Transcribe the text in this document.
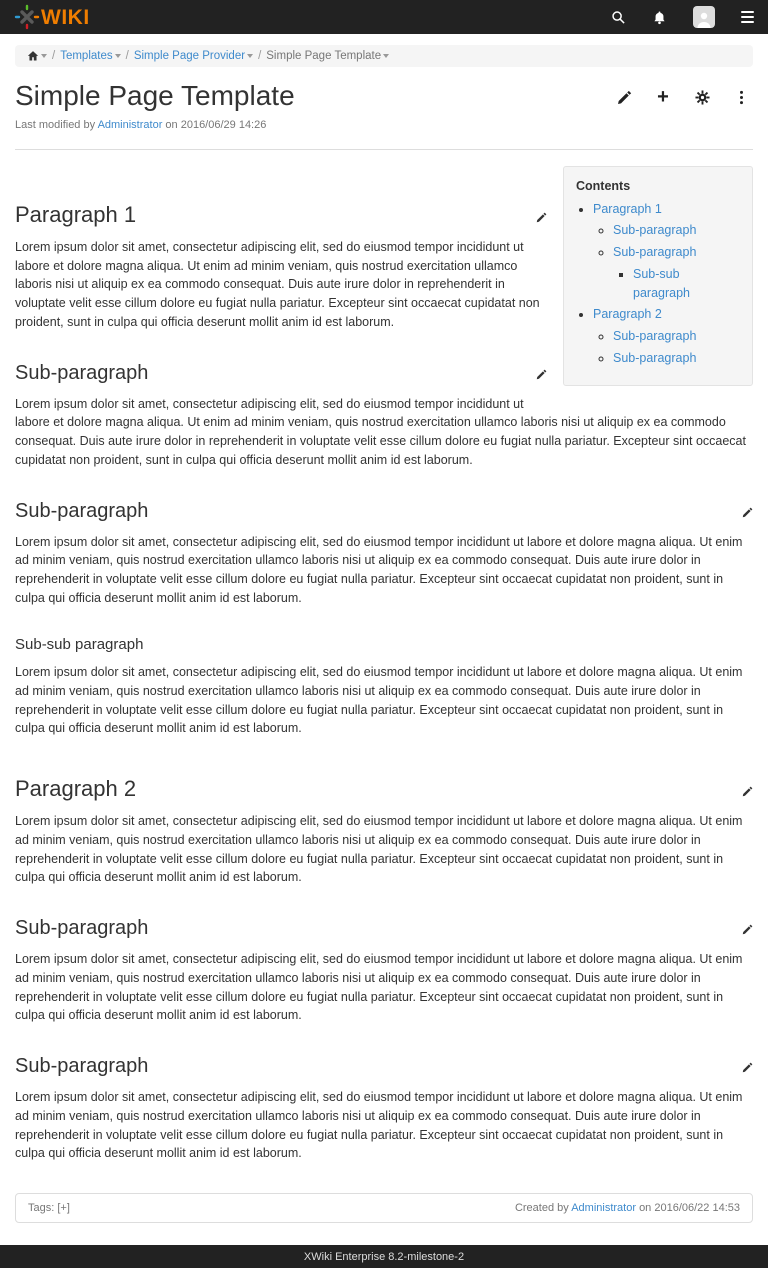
WIKI
/ Templates	/ Simple Page Provider	/ Simple Page Template
Simple Page Template	+
Last modified by Administrator on 2016/06/29 14:26
Contents
• Paragraph 1
◦ Sub-paragraph
◦ Sub-paragraph
▪ Sub-sub paragraph
• Paragraph 2
◦ Sub-paragraph
◦ Sub-paragraph
Paragraph 1

Lorem ipsum dolor sit amet, consectetur adipiscing elit, sed do eiusmod tempor incididunt ut labore et dolore magna aliqua. Ut enim ad minim veniam, quis nostrud exercitation ullamco laboris nisi ut aliquip ex ea commodo consequat. Duis aute irure dolor in reprehenderit in voluptate velit esse cillum dolore eu fugiat nulla pariatur. Excepteur sint occaecat cupidatat non proident, sunt in culpa qui officia deserunt mollit anim id est laborum.

Sub-paragraph

Lorem ipsum dolor sit amet, consectetur adipiscing elit, sed do eiusmod tempor incididunt ut labore et dolore magna aliqua. Ut enim ad minim veniam, quis nostrud exercitation ullamco laboris nisi ut aliquip ex ea commodo consequat. Duis aute irure dolor in reprehenderit in voluptate velit esse cillum dolore eu fugiat nulla pariatur. Excepteur sint occaecat cupidatat non proident, sunt in culpa qui officia deserunt mollit anim id est laborum.

Sub-paragraph

Lorem ipsum dolor sit amet, consectetur adipiscing elit, sed do eiusmod tempor incididunt ut labore et dolore magna aliqua. Ut enim ad minim veniam, quis nostrud exercitation ullamco laboris nisi ut aliquip ex ea commodo consequat. Duis aute irure dolor in reprehenderit in voluptate velit esse cillum dolore eu fugiat nulla pariatur. Excepteur sint occaecat cupidatat non proident, sunt in culpa qui officia deserunt mollit anim id est laborum.

Sub-sub paragraph

Lorem ipsum dolor sit amet, consectetur adipiscing elit, sed do eiusmod tempor incididunt ut labore et dolore magna aliqua. Ut enim ad minim veniam, quis nostrud exercitation ullamco laboris nisi ut aliquip ex ea commodo consequat. Duis aute irure dolor in reprehenderit in voluptate velit esse cillum dolore eu fugiat nulla pariatur. Excepteur sint occaecat cupidatat non proident, sunt in culpa qui officia deserunt mollit anim id est laborum.

Paragraph 2

Lorem ipsum dolor sit amet, consectetur adipiscing elit, sed do eiusmod tempor incididunt ut labore et dolore magna aliqua. Ut enim ad minim veniam, quis nostrud exercitation ullamco laboris nisi ut aliquip ex ea commodo consequat. Duis aute irure dolor in reprehenderit in voluptate velit esse cillum dolore eu fugiat nulla pariatur. Excepteur sint occaecat cupidatat non proident, sunt in culpa qui officia deserunt mollit anim id est laborum.

Sub-paragraph

Lorem ipsum dolor sit amet, consectetur adipiscing elit, sed do eiusmod tempor incididunt ut labore et dolore magna aliqua. Ut enim ad minim veniam, quis nostrud exercitation ullamco laboris nisi ut aliquip ex ea commodo consequat. Duis aute irure dolor in reprehenderit in voluptate velit esse cillum dolore eu fugiat nulla pariatur. Excepteur sint occaecat cupidatat non proident, sunt in culpa qui officia deserunt mollit anim id est laborum.

Sub-paragraph

Lorem ipsum dolor sit amet, consectetur adipiscing elit, sed do eiusmod tempor incididunt ut labore et dolore magna aliqua. Ut enim ad minim veniam, quis nostrud exercitation ullamco laboris nisi ut aliquip ex ea commodo consequat. Duis aute irure dolor in reprehenderit in voluptate velit esse cillum dolore eu fugiat nulla pariatur. Excepteur sint occaecat cupidatat non proident, sunt in culpa qui officia deserunt mollit anim id est laborum.

Tags: [+]	Created by Administrator on 2016/06/22 14:53
XWiki Enterprise 8.2-milestone-2
